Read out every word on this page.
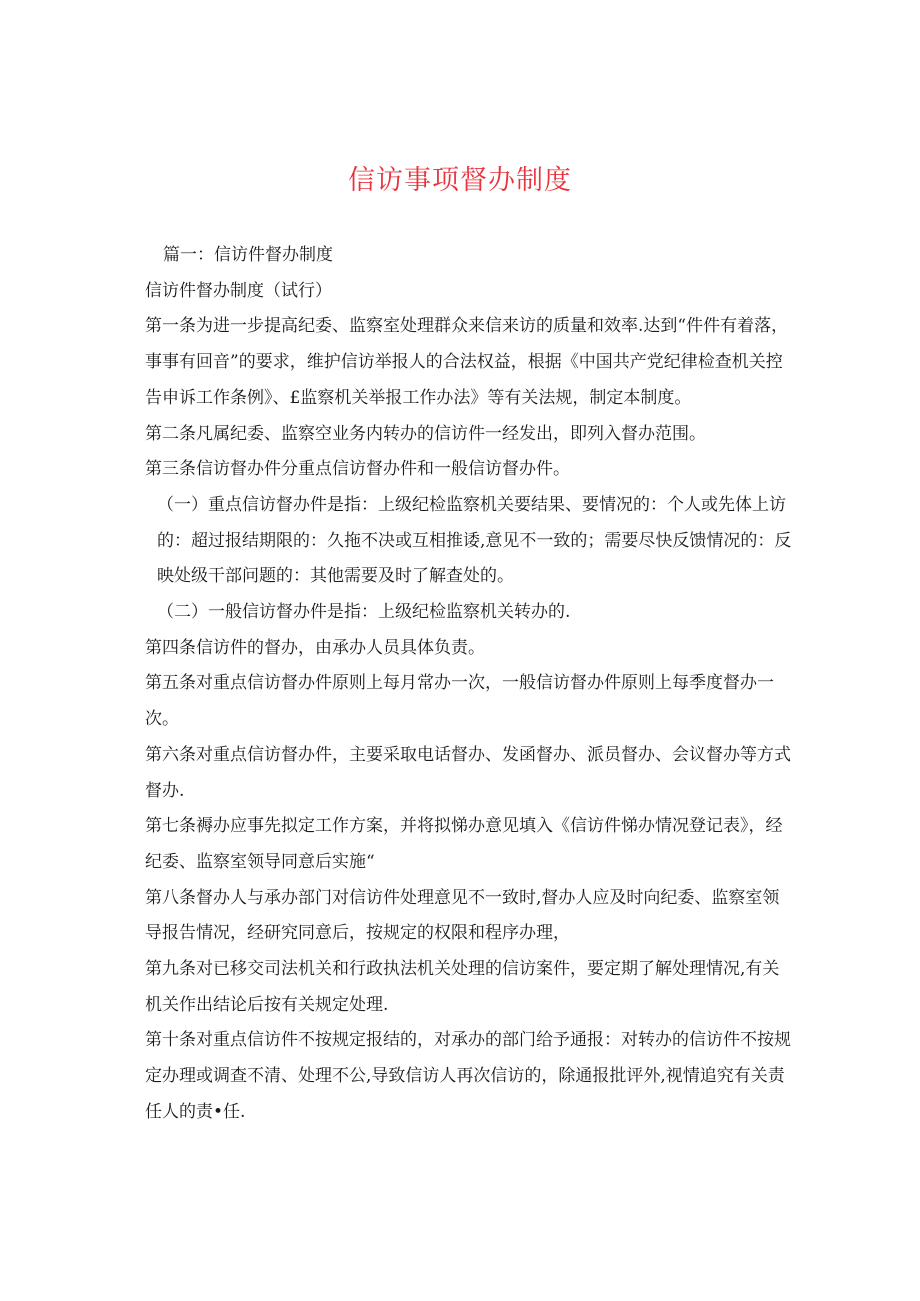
信访事项督办制度

篇一：信访件督办制度

信访件督办制度（试行）

第一条为进一步提高纪委、监察室处理群众来信来访的质量和效率.达到“件件有着落，事事有回音”的要求，维护信访举报人的合法权益，根据《中国共产党纪律检查机关控告申诉工作条例》、£监察机关举报工作办法》等有关法规，制定本制度。

第二条凡属纪委、监察空业务内转办的信访件一经发出，即列入督办范围。

第三条信访督办件分重点信访督办件和一般信访督办件。

（一）重点信访督办件是指：上级纪检监察机关要结果、要情况的：个人或先体上访的：超过报结期限的：久拖不决或互相推诿,意见不一致的；需要尽快反馈情况的：反映处级干部问题的：其他需要及时了解查处的。

（二）一般信访督办件是指：上级纪检监察机关转办的.

第四条信访件的督办，由承办人员具体负责。

第五条对重点信访督办件原则上每月常办一次，一般信访督办件原则上每季度督办一次。

第六条对重点信访督办件，主要采取电话督办、发函督办、派员督办、会议督办等方式督办.

第七条褥办应事先拟定工作方案，并将拟悌办意见填入《信访件悌办情况登记表》，经纪委、监察室领导同意后实施“

第八条督办人与承办部门对信访件处理意见不一致时,督办人应及时向纪委、监察室领导报告情况，经研究同意后，按规定的权限和程序办理，

第九条对已移交司法机关和行政执法机关处理的信访案件，要定期了解处理情况,有关机关作出结论后按有关规定处理.

第十条对重点信访件不按规定报结的，对承办的部门给予通报：对转办的信访件不按规定办理或调查不清、处理不公,导致信访人再次信访的，除通报批评外,视情追究有关责任人的责•任.
